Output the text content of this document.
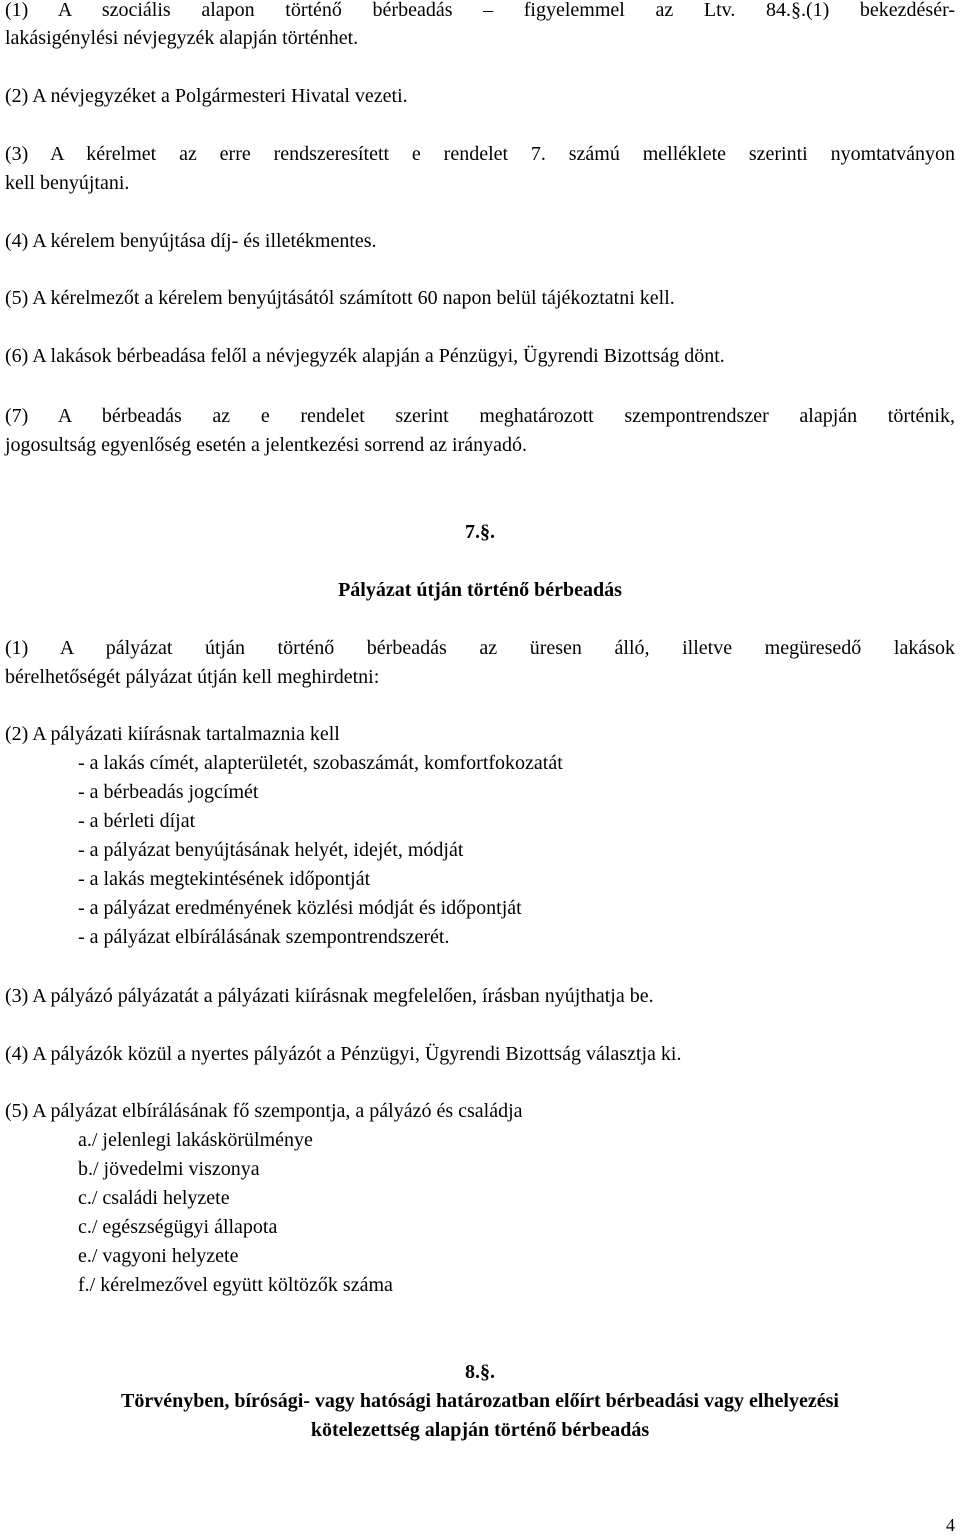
(1) A szociális alapon történő bérbeadás – figyelemmel az Ltv. 84.§.(1) bekezdésér-

lakásigénylési névjegyzék alapján történhet.

(2) A névjegyzéket a Polgármesteri Hivatal vezeti.

(3) A kérelmet az erre rendszeresített e rendelet 7. számú melléklete szerinti nyomtatványon

kell benyújtani.

(4) A kérelem benyújtása díj- és illetékmentes.

(5) A kérelmezőt a kérelem benyújtásától számított 60 napon belül tájékoztatni kell.

(6) A lakások bérbeadása felől a névjegyzék alapján a Pénzügyi, Ügyrendi Bizottság dönt.

(7) A bérbeadás az e rendelet szerint meghatározott szempontrendszer alapján történik,

jogosultság egyenlőség esetén a jelentkezési sorrend az irányadó.

7.§.

Pályázat útján történő bérbeadás

(1) A pályázat útján történő bérbeadás az üresen álló, illetve megüresedő lakások

bérelhetőségét pályázat útján kell meghirdetni:

(2) A pályázati kiírásnak tartalmaznia kell

- a lakás címét, alapterületét, szobaszámát, komfortfokozatát

- a bérbeadás jogcímét

- a bérleti díjat

- a pályázat benyújtásának helyét, idejét, módját

- a lakás megtekintésének időpontját

- a pályázat eredményének közlési módját és időpontját

- a pályázat elbírálásának szempontrendszerét.

(3) A pályázó pályázatát a pályázati kiírásnak megfelelően, írásban nyújthatja be.

(4) A pályázók közül a nyertes pályázót a Pénzügyi, Ügyrendi Bizottság választja ki.

(5) A pályázat elbírálásának fő szempontja, a pályázó és családja

a./ jelenlegi lakáskörülménye

b./ jövedelmi viszonya

c./ családi helyzete

c./ egészségügyi állapota

e./ vagyoni helyzete

f./ kérelmezővel együtt költözők száma

8.§.

Törvényben, bírósági- vagy hatósági határozatban előírt bérbeadási vagy elhelyezési

kötelezettség alapján történő bérbeadás

4
